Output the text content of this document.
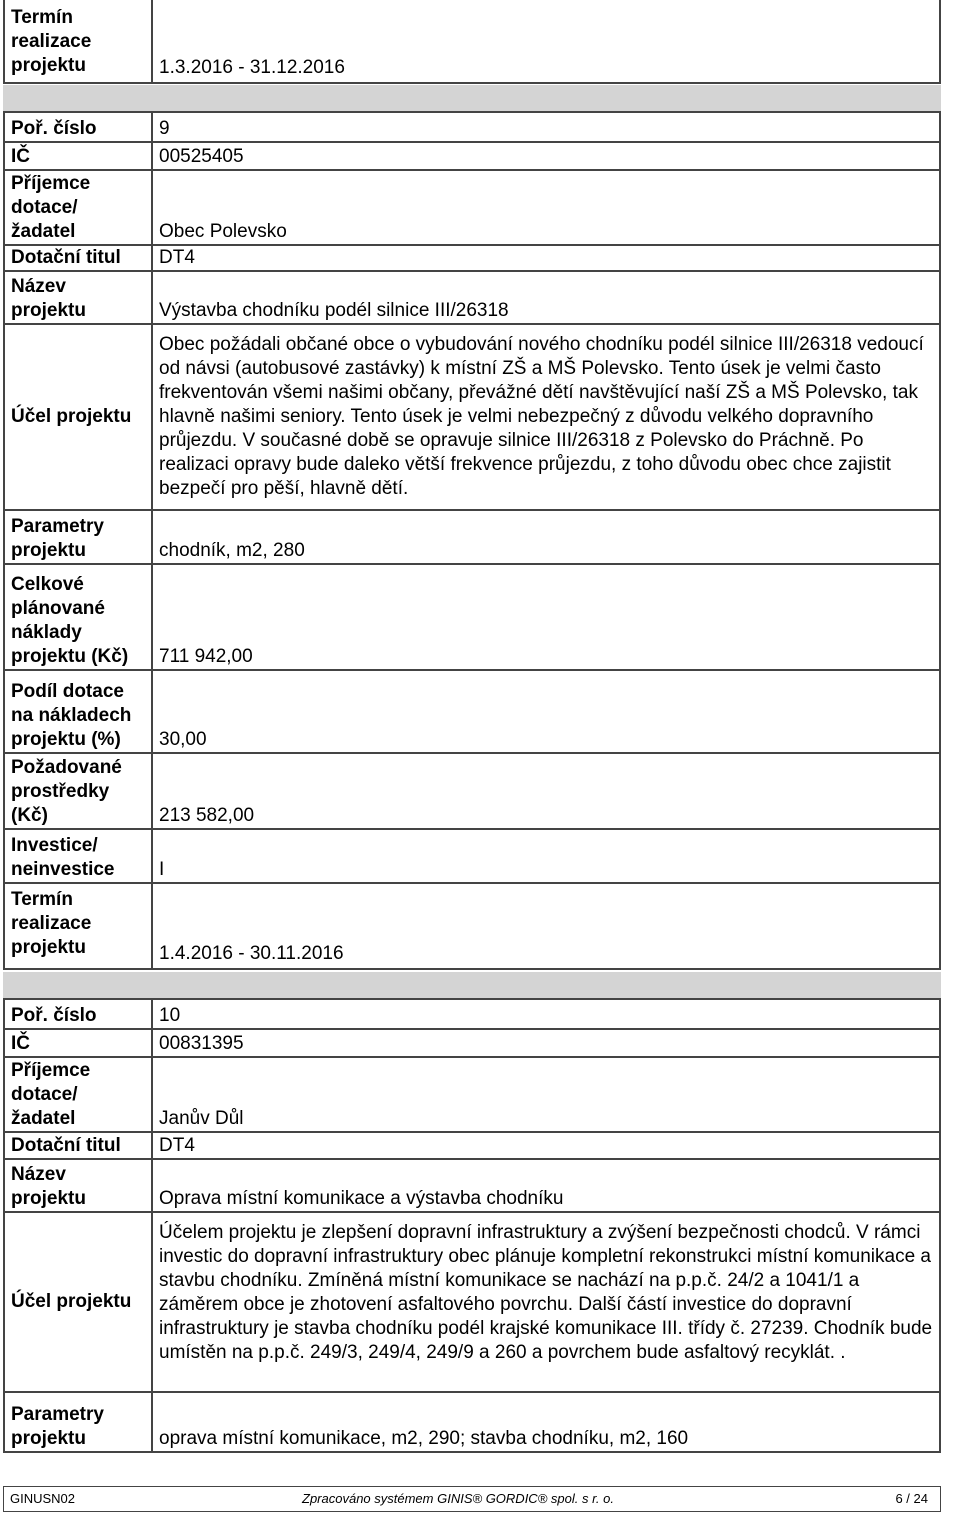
Termín realizace projektu	1.3.2016 - 31.12.2016
Poř. číslo	9
IČ	00525405
Příjemce dotace/ žadatel	Obec Polevsko
Dotační titul	DT4
Název projektu	Výstavba chodníku podél silnice III/26318
Účel projektu	Obec požádali občané obce o vybudování nového chodníku podél silnice III/26318 vedoucí od návsi (autobusové zastávky) k místní ZŠ a MŠ Polevsko. Tento úsek je velmi často frekventován všemi našimi občany, převážné dětí navštěvující naší ZŠ a MŠ Polevsko, tak hlavně našimi seniory. Tento úsek je velmi nebezpečný z důvodu velkého dopravního průjezdu. V současné době se opravuje silnice III/26318 z Polevsko do Práchně. Po realizaci opravy bude daleko větší frekvence průjezdu, z toho důvodu obec chce zajistit bezpečí pro pěší, hlavně dětí.
Parametry projektu	chodník, m2, 280
Celkové plánované náklady projektu (Kč)	711 942,00
Podíl dotace na nákladech projektu (%)	30,00
Požadované prostředky (Kč)	213 582,00
Investice/ neinvestice	I
Termín realizace projektu	1.4.2016 - 30.11.2016
Poř. číslo	10
IČ	00831395
Příjemce dotace/ žadatel	Janův Důl
Dotační titul	DT4
Název projektu	Oprava místní komunikace a výstavba chodníku
Účel projektu	Účelem projektu je zlepšení dopravní infrastruktury a zvýšení bezpečnosti chodců. V rámci investic do dopravní infrastruktury obec plánuje kompletní rekonstrukci místní komunikace a stavbu chodníku. Zmíněná místní komunikace se nachází na p.p.č. 24/2 a 1041/1 a záměrem obce je zhotovení asfaltového povrchu. Další částí investice do dopravní infrastruktury je stavba chodníku podél krajské komunikace III. třídy č. 27239. Chodník bude umístěn na p.p.č. 249/3, 249/4, 249/9 a 260 a povrchem bude asfaltový recyklát. .
Parametry projektu	oprava místní komunikace, m2, 290; stavba chodníku, m2, 160
GINUSN02	Zpracováno systémem GINIS® GORDIC® spol. s r. o.	6 / 24
